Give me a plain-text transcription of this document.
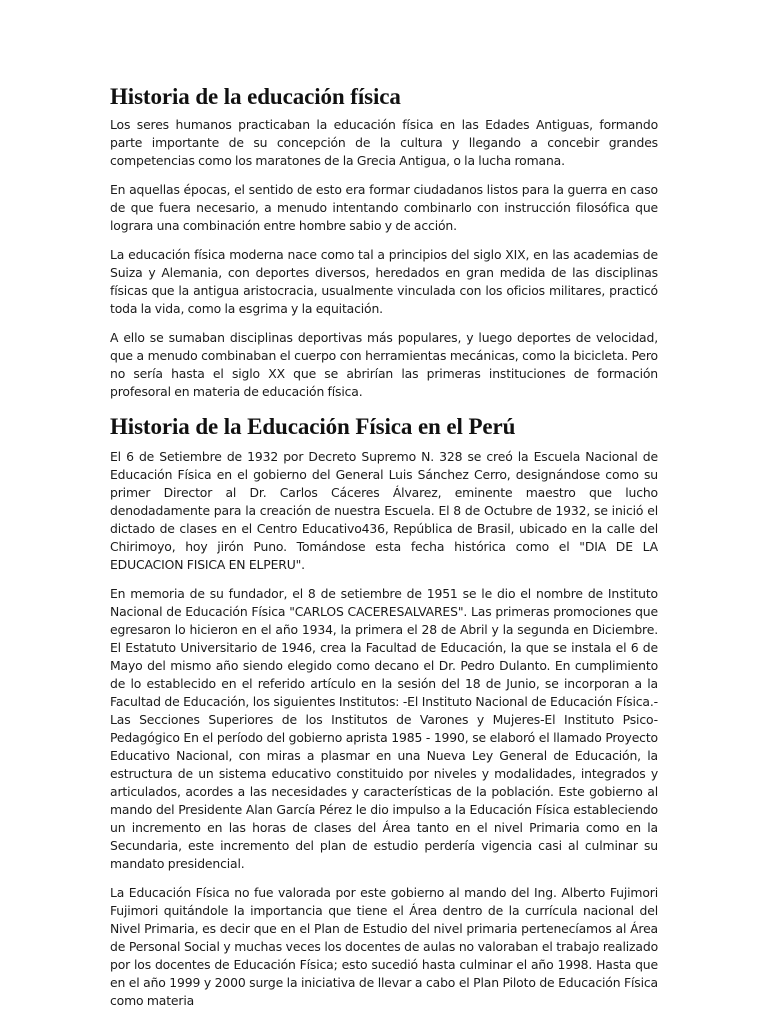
Historia de la educación física

Los seres humanos practicaban la educación física en las Edades Antiguas, formando parte importante de su concepción de la cultura y llegando a concebir grandes competencias como los maratones de la Grecia Antigua, o la lucha romana.

En aquellas épocas, el sentido de esto era formar ciudadanos listos para la guerra en caso de que fuera necesario, a menudo intentando combinarlo con instrucción filosófica que lograra una combinación entre hombre sabio y de acción.

La educación física moderna nace como tal a principios del siglo XIX, en las academias de Suiza y Alemania, con deportes diversos, heredados en gran medida de las disciplinas físicas que la antigua aristocracia, usualmente vinculada con los oficios militares, practicó toda la vida, como la esgrima y la equitación.

A ello se sumaban disciplinas deportivas más populares, y luego deportes de velocidad, que a menudo combinaban el cuerpo con herramientas mecánicas, como la bicicleta. Pero no sería hasta el siglo XX que se abrirían las primeras instituciones de formación profesoral en materia de educación física.

Historia de la Educación Física en el Perú

El 6 de Setiembre de 1932 por Decreto Supremo N. 328 se creó la Escuela Nacional de Educación Física en el gobierno del General Luis Sánchez Cerro, designándose como su primer Director al Dr. Carlos Cáceres Álvarez, eminente maestro que lucho denodadamente para la creación de nuestra Escuela. El 8 de Octubre de 1932, se inició el dictado de clases en el Centro Educativo436, República de Brasil, ubicado en la calle del Chirimoyo, hoy jirón Puno. Tomándose esta fecha histórica como el "DIA DE LA EDUCACION FISICA EN ELPERU".

En memoria de su fundador, el 8 de setiembre de 1951 se le dio el nombre de Instituto Nacional de Educación Física "CARLOS CACERESALVARES". Las primeras promociones que egresaron lo hicieron en el año 1934, la primera el 28 de Abril y la segunda en Diciembre. El Estatuto Universitario de 1946, crea la Facultad de Educación, la que se instala el 6 de Mayo del mismo año siendo elegido como decano el Dr. Pedro Dulanto. En cumplimiento de lo establecido en el referido artículo en la sesión del 18 de Junio, se incorporan a la Facultad de Educación, los siguientes Institutos: -El Instituto Nacional de Educación Física.-Las Secciones Superiores de los Institutos de Varones y Mujeres-El Instituto Psico-Pedagógico En el período del gobierno aprista 1985 - 1990, se elaboró el llamado Proyecto Educativo Nacional, con miras a plasmar en una Nueva Ley General de Educación, la estructura de un sistema educativo constituido por niveles y modalidades, integrados y articulados, acordes a las necesidades y características de la población. Este gobierno al mando del Presidente Alan García Pérez le dio impulso a la Educación Física estableciendo un incremento en las horas de clases del Área tanto en el nivel Primaria como en la Secundaria, este incremento del plan de estudio perdería vigencia casi al culminar su mandato presidencial.

La Educación Física no fue valorada por este gobierno al mando del Ing. Alberto Fujimori Fujimori quitándole la importancia que tiene el Área dentro de la currícula nacional del Nivel Primaria, es decir que en el Plan de Estudio del nivel primaria pertenecíamos al Área de Personal Social y muchas veces los docentes de aulas no valoraban el trabajo realizado por los docentes de Educación Física; esto sucedió hasta culminar el año 1998. Hasta que en el año 1999 y 2000 surge la iniciativa de llevar a cabo el Plan Piloto de Educación Física como materia
